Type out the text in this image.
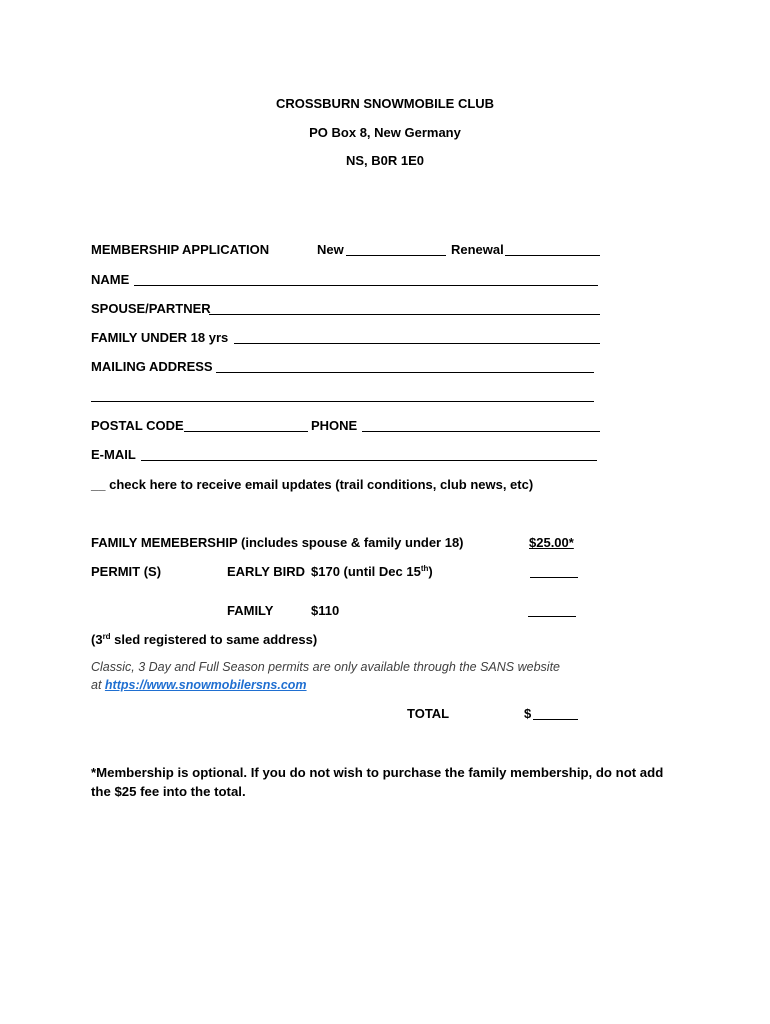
CROSSBURN SNOWMOBILE CLUB
PO Box 8, New Germany
NS, B0R 1E0
MEMBERSHIP APPLICATION	New	Renewal
NAME
SPOUSE/PARTNER
FAMILY UNDER 18 yrs
MAILING ADDRESS
POSTAL CODE	PHONE
E-MAIL
__ check here to receive email updates (trail conditions, club news, etc)
FAMILY MEMEBERSHIP (includes spouse & family under 18)	$25.00*
PERMIT (S)	EARLY BIRD $170 (until Dec 15th)
FAMILY	$110
(3rd sled registered to same address)
Classic, 3 Day and Full Season permits are only available through the SANS website
at https://www.snowmobilersns.com
TOTAL	$
*Membership is optional. If you do not wish to purchase the family membership, do not add
the $25 fee into the total.
